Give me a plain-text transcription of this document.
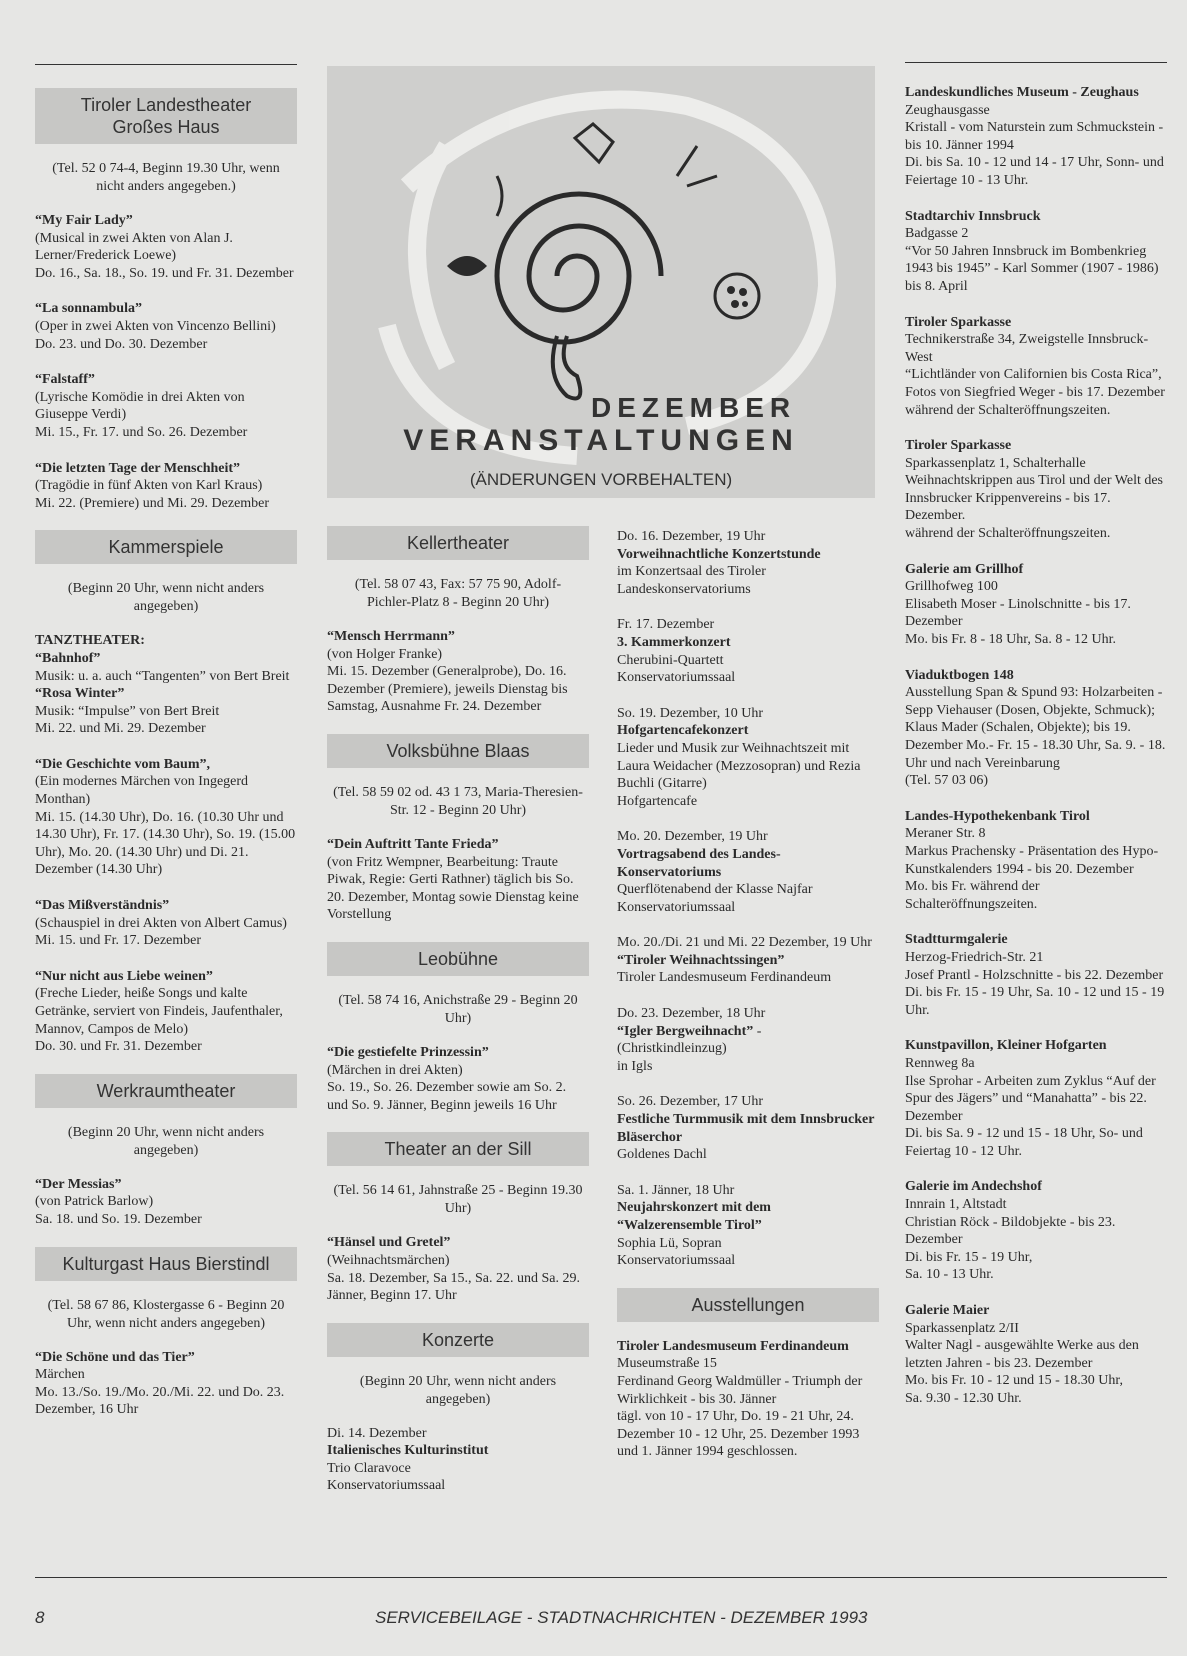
Tiroler Landestheater
Großes Haus
(Tel. 52 0 74-4, Beginn 19.30 Uhr, wenn nicht anders angegeben.)
“My Fair Lady”
(Musical in zwei Akten von Alan J. Lerner/Frederick Loewe)
Do. 16., Sa. 18., So. 19. und Fr. 31. Dezember
“La sonnambula”
(Oper in zwei Akten von Vincenzo Bellini)
Do. 23. und Do. 30. Dezember
“Falstaff”
(Lyrische Komödie in drei Akten von Giuseppe Verdi)
Mi. 15., Fr. 17. und So. 26. Dezember
“Die letzten Tage der Menschheit”
(Tragödie in fünf Akten von Karl Kraus)
Mi. 22. (Premiere) und Mi. 29. Dezember
Kammerspiele
(Beginn 20 Uhr, wenn nicht anders angegeben)
TANZTHEATER:
“Bahnhof”
Musik: u. a. auch “Tangenten” von Bert Breit
“Rosa Winter”
Musik: “Impulse” von Bert Breit
Mi. 22. und Mi. 29. Dezember
“Die Geschichte vom Baum”,
(Ein modernes Märchen von Ingegerd Monthan)
Mi. 15. (14.30 Uhr), Do. 16. (10.30 Uhr und 14.30 Uhr), Fr. 17. (14.30 Uhr), So. 19. (15.00 Uhr), Mo. 20. (14.30 Uhr) und Di. 21. Dezember (14.30 Uhr)
“Das Mißverständnis”
(Schauspiel in drei Akten von Albert Camus)
Mi. 15. und Fr. 17. Dezember
“Nur nicht aus Liebe weinen”
(Freche Lieder, heiße Songs und kalte Getränke, serviert von Findeis, Jaufenthaler, Mannov, Campos de Melo)
Do. 30. und Fr. 31. Dezember
Werkraumtheater
(Beginn 20 Uhr, wenn nicht anders angegeben)
“Der Messias”
(von Patrick Barlow)
Sa. 18. und So. 19. Dezember
Kulturgast Haus Bierstindl
(Tel. 58 67 86, Klostergasse 6 - Beginn 20 Uhr, wenn nicht anders angegeben)
“Die Schöne und das Tier”
Märchen
Mo. 13./So. 19./Mo. 20./Mi. 22. und Do. 23. Dezember, 16 Uhr
Kellertheater
(Tel. 58 07 43, Fax: 57 75 90, Adolf-Pichler-Platz 8 - Beginn 20 Uhr)
“Mensch Herrmann”
(von Holger Franke)
Mi. 15. Dezember (Generalprobe), Do. 16. Dezember (Premiere), jeweils Dienstag bis Samstag, Ausnahme Fr. 24. Dezember
Volksbühne Blaas
(Tel. 58 59 02 od. 43 1 73, Maria-Theresien-Str. 12 - Beginn 20 Uhr)
“Dein Auftritt Tante Frieda”
(von Fritz Wempner, Bearbeitung: Traute Piwak, Regie: Gerti Rathner) täglich bis So. 20. Dezember, Montag sowie Dienstag keine Vorstellung
Leobühne
(Tel. 58 74 16, Anichstraße 29 - Beginn 20 Uhr)
“Die gestiefelte Prinzessin”
(Märchen in drei Akten)
So. 19., So. 26. Dezember sowie am So. 2. und So. 9. Jänner, Beginn jeweils 16 Uhr
Theater an der Sill
(Tel. 56 14 61, Jahnstraße 25 - Beginn 19.30 Uhr)
“Hänsel und Gretel”
(Weihnachtsmärchen)
Sa. 18. Dezember, Sa 15., Sa. 22. und Sa. 29. Jänner, Beginn 17. Uhr
Konzerte
(Beginn 20 Uhr, wenn nicht anders angegeben)
Di. 14. Dezember
Italienisches Kulturinstitut
Trio Claravoce
Konservatoriumssaal
Do. 16. Dezember, 19 Uhr
Vorweihnachtliche Konzertstunde
im Konzertsaal des Tiroler Landeskonservatoriums
Fr. 17. Dezember
3. Kammerkonzert
Cherubini-Quartett
Konservatoriumssaal
So. 19. Dezember, 10 Uhr
Hofgartencafekonzert
Lieder und Musik zur Weihnachtszeit mit Laura Weidacher (Mezzosopran) und Rezia Buchli (Gitarre)
Hofgartencafe
Mo. 20. Dezember, 19 Uhr
Vortragsabend des Landes-Konservatoriums
Querflötenabend der Klasse Najfar
Konservatoriumssaal
Mo. 20./Di. 21 und Mi. 22 Dezember, 19 Uhr
“Tiroler Weihnachtssingen”
Tiroler Landesmuseum Ferdinandeum
Do. 23. Dezember, 18 Uhr
“Igler Bergweihnacht” -
(Christkindleinzug)
in Igls
So. 26. Dezember, 17 Uhr
Festliche Turmmusik mit dem Innsbrucker Bläserchor
Goldenes Dachl
Sa. 1. Jänner, 18 Uhr
Neujahrskonzert mit dem “Walzerensemble Tirol”
Sophia Lü, Sopran
Konservatoriumssaal
Ausstellungen
Tiroler Landesmuseum Ferdinandeum
Museumstraße 15
Ferdinand Georg Waldmüller - Triumph der Wirklichkeit - bis 30. Jänner
tägl. von 10 - 17 Uhr, Do. 19 - 21 Uhr, 24. Dezember 10 - 12 Uhr, 25. Dezember 1993 und 1. Jänner 1994 geschlossen.
Landeskundliches Museum - Zeughaus
Zeughausgasse
Kristall - vom Naturstein zum Schmuckstein - bis 10. Jänner 1994
Di. bis Sa. 10 - 12 und 14 - 17 Uhr, Sonn- und Feiertage 10 - 13 Uhr.
Stadtarchiv Innsbruck
Badgasse 2
“Vor 50 Jahren Innsbruck im Bombenkrieg 1943 bis 1945” - Karl Sommer (1907 - 1986)
bis 8. April
Tiroler Sparkasse
Technikerstraße 34, Zweigstelle Innsbruck-West
“Lichtländer von Californien bis Costa Rica”, Fotos von Siegfried Weger - bis 17. Dezember
während der Schalteröffnungszeiten.
Tiroler Sparkasse
Sparkassenplatz 1, Schalterhalle
Weihnachtskrippen aus Tirol und der Welt des Innsbrucker Krippenvereins - bis 17. Dezember.
während der Schalteröffnungszeiten.
Galerie am Grillhof
Grillhofweg 100
Elisabeth Moser - Linolschnitte - bis 17. Dezember
Mo. bis Fr. 8 - 18 Uhr, Sa. 8 - 12 Uhr.
Viaduktbogen 148
Ausstellung Span & Spund 93: Holzarbeiten - Sepp Viehauser (Dosen, Objekte, Schmuck); Klaus Mader (Schalen, Objekte); bis 19. Dezember Mo.- Fr. 15 - 18.30 Uhr, Sa. 9. - 18. Uhr und nach Vereinbarung
(Tel. 57 03 06)
Landes-Hypothekenbank Tirol
Meraner Str. 8
Markus Prachensky - Präsentation des Hypo-Kunstkalenders 1994 - bis 20. Dezember
Mo. bis Fr. während der Schalteröffnungszeiten.
Stadtturmgalerie
Herzog-Friedrich-Str. 21
Josef Prantl - Holzschnitte - bis 22. Dezember
Di. bis Fr. 15 - 19 Uhr, Sa. 10 - 12 und 15 - 19 Uhr.
Kunstpavillon, Kleiner Hofgarten
Rennweg 8a
Ilse Sprohar - Arbeiten zum Zyklus “Auf der Spur des Jägers” und “Manahatta” - bis 22. Dezember
Di. bis Sa. 9 - 12 und 15 - 18 Uhr, So- und Feiertag 10 - 12 Uhr.
Galerie im Andechshof
Innrain 1, Altstadt
Christian Röck - Bildobjekte - bis 23. Dezember
Di. bis Fr. 15 - 19 Uhr,
Sa. 10 - 13 Uhr.
Galerie Maier
Sparkassenplatz 2/II
Walter Nagl - ausgewählte Werke aus den letzten Jahren - bis 23. Dezember
Mo. bis Fr. 10 - 12 und 15 - 18.30 Uhr,
Sa. 9.30 - 12.30 Uhr.
DEZEMBER
VERANSTALTUNGEN
(ÄNDERUNGEN VORBEHALTEN)
8	SERVICEBEILAGE - STADTNACHRICHTEN - DEZEMBER 1993
